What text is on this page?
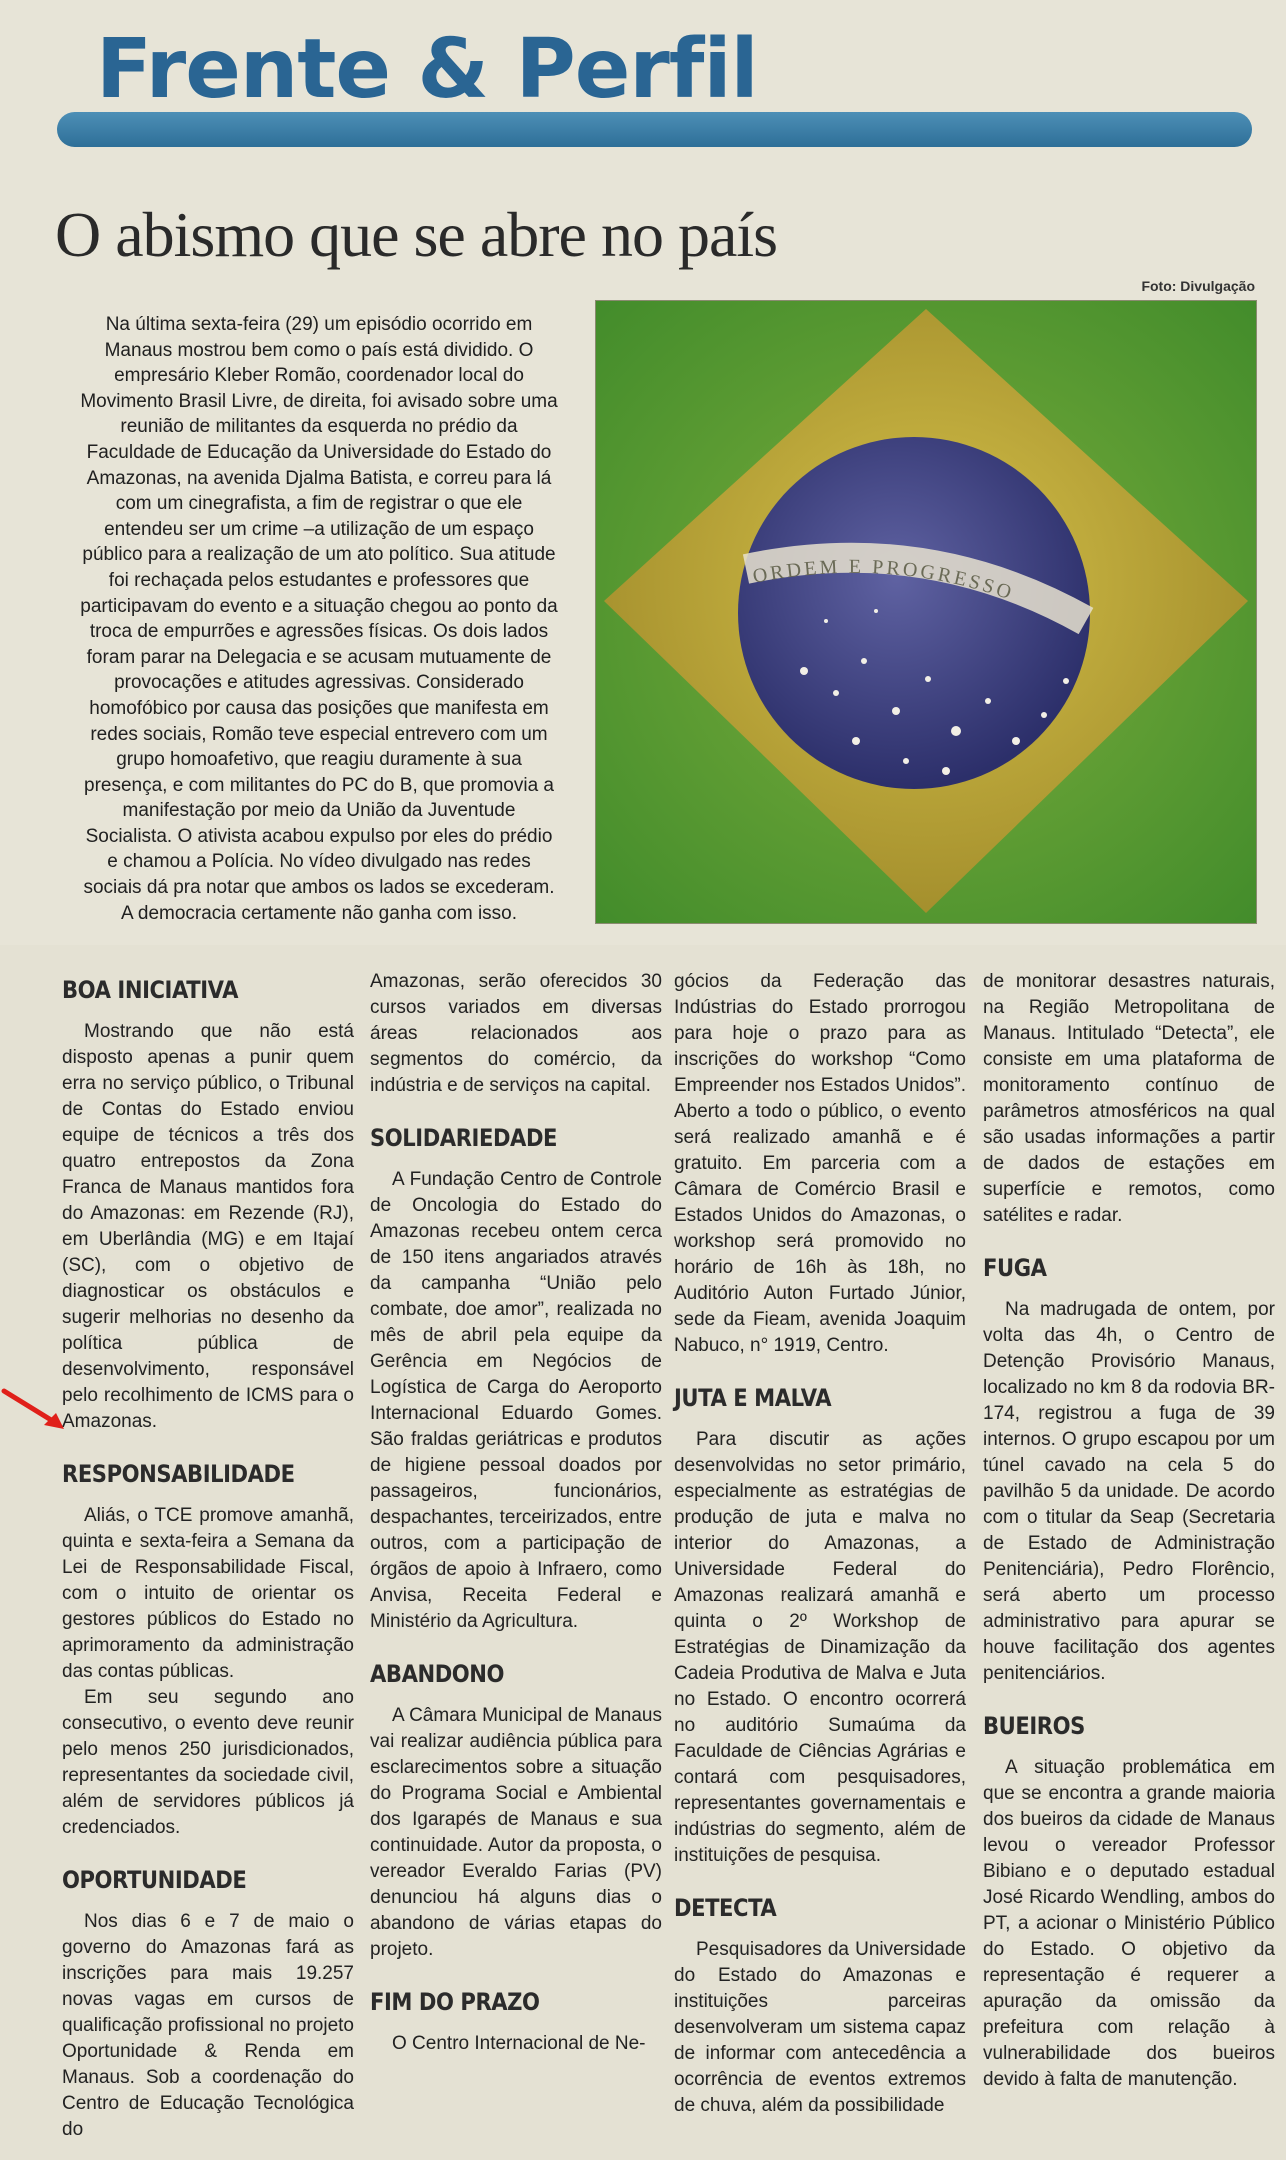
Frente & Perfil
O abismo que se abre no país
Foto: Divulgação
ORDEM E PROGRESSO

Na última sexta-feira (29) um episódio ocorrido em Manaus mostrou bem como o país está dividido. O empresário Kleber Romão, coordenador local do Movimento Brasil Livre, de direita, foi avisado sobre uma reunião de militantes da esquerda no prédio da Faculdade de Educação da Universidade do Estado do Amazonas, na avenida Djalma Batista, e correu para lá com um cinegrafista, a fim de registrar o que ele entendeu ser um crime –a utilização de um espaço público para a realização de um ato político. Sua atitude foi rechaçada pelos estudantes e professores que participavam do evento e a situação chegou ao ponto da troca de empurrões e agressões físicas. Os dois lados foram parar na Delegacia e se acusam mutuamente de provocações e atitudes agressivas. Considerado homofóbico por causa das posições que manifesta em redes sociais, Romão teve especial entrevero com um grupo homoafetivo, que reagiu duramente à sua presença, e com militantes do PC do B, que promovia a manifestação por meio da União da Juventude Socialista. O ativista acabou expulso por eles do prédio e chamou a Polícia. No vídeo divulgado nas redes sociais dá pra notar que ambos os lados se excederam. A democracia certamente não ganha com isso.

BOA INICIATIVA

Mostrando que não está disposto apenas a punir quem erra no serviço público, o Tribunal de Contas do Estado enviou equipe de técnicos a três dos quatro entrepostos da Zona Franca de Manaus mantidos fora do Amazonas: em Rezende (RJ), em Uberlândia (MG) e em Itajaí (SC), com o objetivo de diagnosticar os obstáculos e sugerir melhorias no desenho da política pública de desenvolvimento, responsável pelo recolhimento de ICMS para o Amazonas.

RESPONSABILIDADE

Aliás, o TCE promove amanhã, quinta e sexta-feira a Semana da Lei de Responsabilidade Fiscal, com o intuito de orientar os gestores públicos do Estado no aprimoramento da administração das contas públicas.

Em seu segundo ano consecutivo, o evento deve reunir pelo menos 250 jurisdicionados, representantes da sociedade civil, além de servidores públicos já credenciados.

OPORTUNIDADE

Nos dias 6 e 7 de maio o governo do Amazonas fará as inscrições para mais 19.257 novas vagas em cursos de qualificação profissional no projeto Oportunidade & Renda em Manaus. Sob a coordenação do Centro de Educação Tecnológica do

Amazonas, serão oferecidos 30 cursos variados em diversas áreas relacionados aos segmentos do comércio, da indústria e de serviços na capital.

SOLIDARIEDADE

A Fundação Centro de Controle de Oncologia do Estado do Amazonas recebeu ontem cerca de 150 itens angariados através da campanha “União pelo combate, doe amor”, realizada no mês de abril pela equipe da Gerência em Negócios de Logística de Carga do Aeroporto Internacional Eduardo Gomes. São fraldas geriátricas e produtos de higiene pessoal doados por passageiros, funcionários, despachantes, terceirizados, entre outros, com a participação de órgãos de apoio à Infraero, como Anvisa, Receita Federal e Ministério da Agricultura.

ABANDONO

A Câmara Municipal de Manaus vai realizar audiência pública para esclarecimentos sobre a situação do Programa Social e Ambiental dos Igarapés de Manaus e sua continuidade. Autor da proposta, o vereador Everaldo Farias (PV) denunciou há alguns dias o abandono de várias etapas do projeto.

FIM DO PRAZO

O Centro Internacional de Ne-

gócios da Federação das Indústrias do Estado prorrogou para hoje o prazo para as inscrições do workshop “Como Empreender nos Estados Unidos”. Aberto a todo o público, o evento será realizado amanhã e é gratuito. Em parceria com a Câmara de Comércio Brasil e Estados Unidos do Amazonas, o workshop será promovido no horário de 16h às 18h, no Auditório Auton Furtado Júnior, sede da Fieam, avenida Joaquim Nabuco, n° 1919, Centro.

JUTA E MALVA

Para discutir as ações desenvolvidas no setor primário, especialmente as estratégias de produção de juta e malva no interior do Amazonas, a Universidade Federal do Amazonas realizará amanhã e quinta o 2º Workshop de Estratégias de Dinamização da Cadeia Produtiva de Malva e Juta no Estado. O encontro ocorrerá no auditório Sumaúma da Faculdade de Ciências Agrárias e contará com pesquisadores, representantes governamentais e indústrias do segmento, além de instituições de pesquisa.

DETECTA

Pesquisadores da Universidade do Estado do Amazonas e instituições parceiras desenvolveram um sistema capaz de informar com antecedência a ocorrência de eventos extremos de chuva, além da possibilidade

de monitorar desastres naturais, na Região Metropolitana de Manaus. Intitulado “Detecta”, ele consiste em uma plataforma de monitoramento contínuo de parâmetros atmosféricos na qual são usadas informações a partir de dados de estações em superfície e remotos, como satélites e radar.

FUGA

Na madrugada de ontem, por volta das 4h, o Centro de Detenção Provisório Manaus, localizado no km 8 da rodovia BR-174, registrou a fuga de 39 internos. O grupo escapou por um túnel cavado na cela 5 do pavilhão 5 da unidade. De acordo com o titular da Seap (Secretaria de Estado de Administração Penitenciária), Pedro Florêncio, será aberto um processo administrativo para apurar se houve facilitação dos agentes penitenciários.

BUEIROS

A situação problemática em que se encontra a grande maioria dos bueiros da cidade de Manaus levou o vereador Professor Bibiano e o deputado estadual José Ricardo Wendling, ambos do PT, a acionar o Ministério Público do Estado. O objetivo da representação é requerer a apuração da omissão da prefeitura com relação à vulnerabilidade dos bueiros devido à falta de manutenção.
